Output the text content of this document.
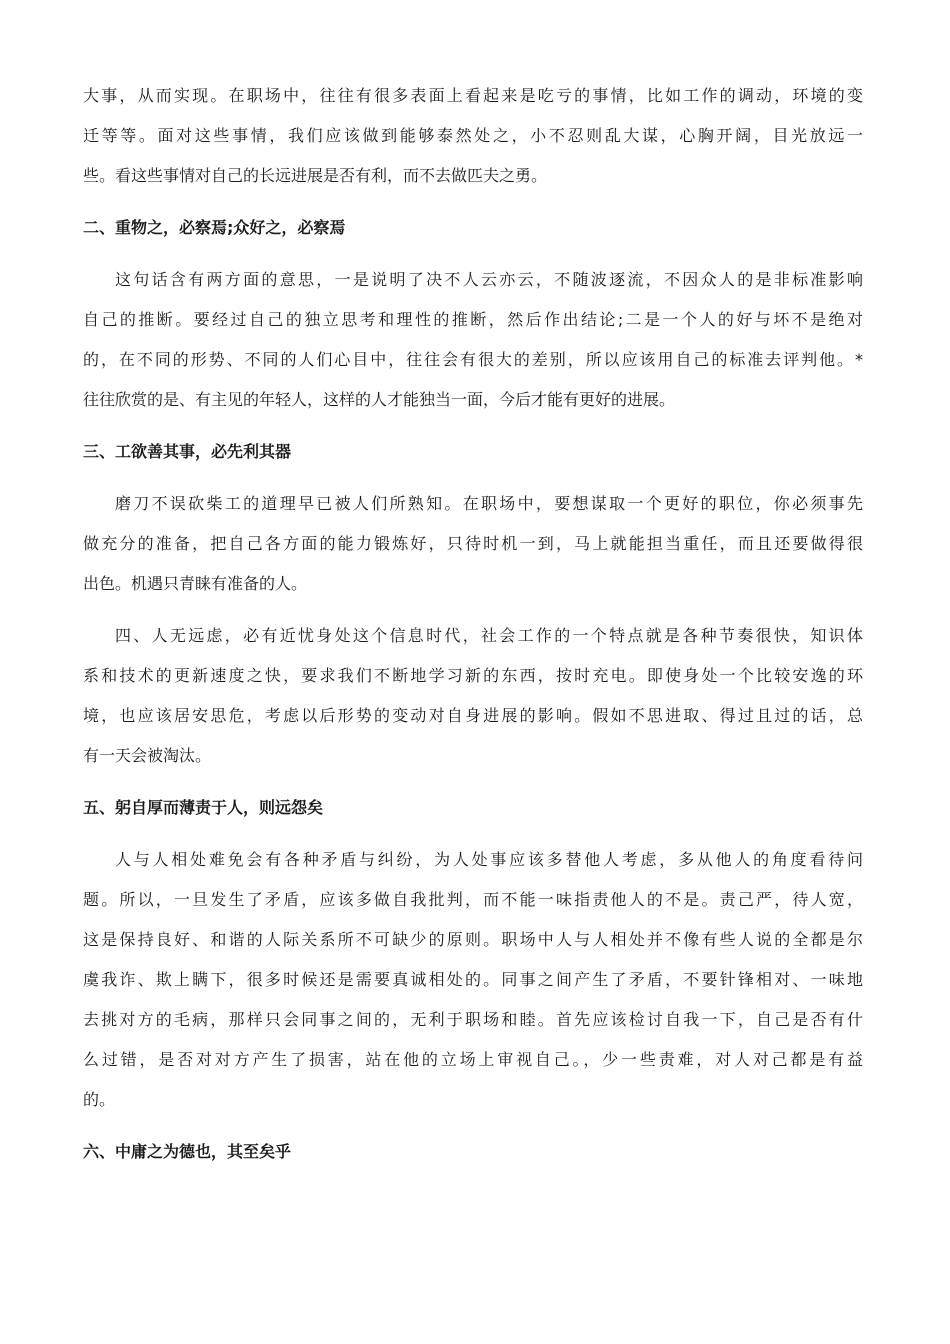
大事，从而实现。在职场中，往往有很多表面上看起来是吃亏的事情，比如工作的调动，环境的变
迁等等。面对这些事情，我们应该做到能够泰然处之，小不忍则乱大谋，心胸开阔，目光放远一
些。看这些事情对自己的长远进展是否有利，而不去做匹夫之勇。
二、重物之，必察焉;众好之，必察焉
这句话含有两方面的意思，一是说明了决不人云亦云，不随波逐流，不因众人的是非标准影响
自己的推断。要经过自己的独立思考和理性的推断，然后作出结论;二是一个人的好与坏不是绝对
的，在不同的形势、不同的人们心目中，往往会有很大的差别，所以应该用自己的标准去评判他。*
往往欣赏的是、有主见的年轻人，这样的人才能独当一面，今后才能有更好的进展。
三、工欲善其事，必先利其器
磨刀不误砍柴工的道理早已被人们所熟知。在职场中，要想谋取一个更好的职位，你必须事先
做充分的准备，把自己各方面的能力锻炼好，只待时机一到，马上就能担当重任，而且还要做得很
出色。机遇只青睐有准备的人。
四、人无远虑，必有近忧身处这个信息时代，社会工作的一个特点就是各种节奏很快，知识体
系和技术的更新速度之快，要求我们不断地学习新的东西，按时充电。即使身处一个比较安逸的环
境，也应该居安思危，考虑以后形势的变动对自身进展的影响。假如不思进取、得过且过的话，总
有一天会被淘汰。
五、躬自厚而薄责于人，则远怨矣
人与人相处难免会有各种矛盾与纠纷，为人处事应该多替他人考虑，多从他人的角度看待问
题。所以，一旦发生了矛盾，应该多做自我批判，而不能一味指责他人的不是。责己严，待人宽，
这是保持良好、和谐的人际关系所不可缺少的原则。职场中人与人相处并不像有些人说的全都是尔
虞我诈、欺上瞒下，很多时候还是需要真诚相处的。同事之间产生了矛盾，不要针锋相对、一味地
去挑对方的毛病，那样只会同事之间的，无利于职场和睦。首先应该检讨自我一下，自己是否有什
么过错，是否对对方产生了损害，站在他的立场上审视自己。，少一些责难，对人对己都是有益
的。
六、中庸之为德也，其至矣乎
